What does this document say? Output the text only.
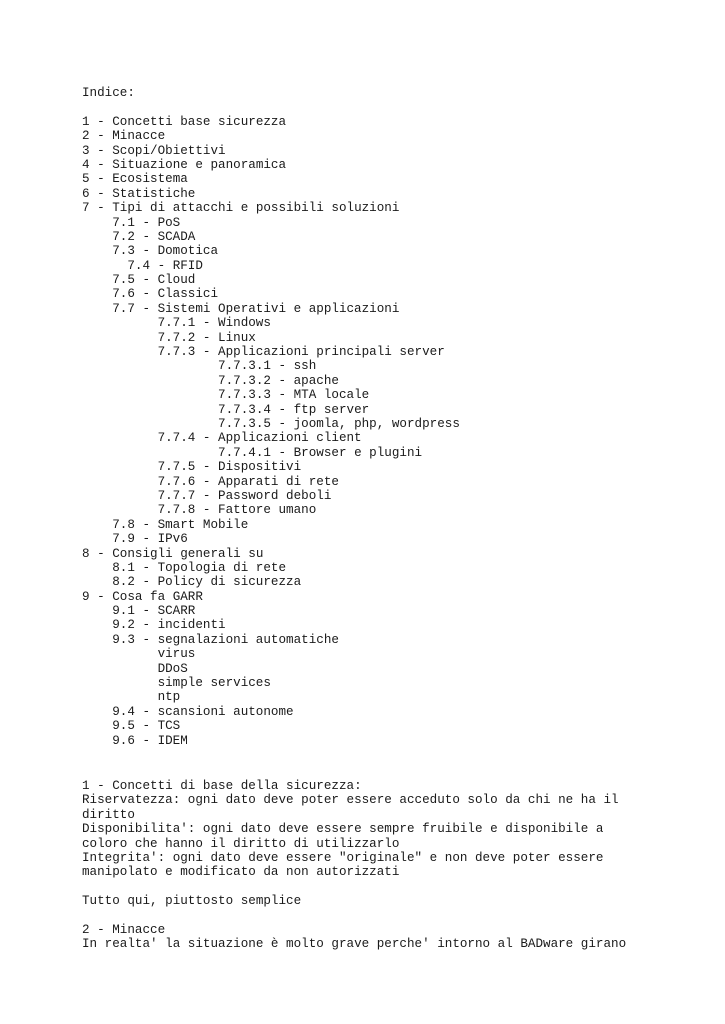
Indice:
1 - Concetti base sicurezza
2 - Minacce
3 - Scopi/Obiettivi
4 - Situazione e panoramica
5 - Ecosistema
6 - Statistiche
7 - Tipi di attacchi e possibili soluzioni
7.1 - PoS
7.2 - SCADA
7.3 - Domotica
7.4 - RFID
7.5 - Cloud
7.6 - Classici
7.7 - Sistemi Operativi e applicazioni
7.7.1 - Windows
7.7.2 - Linux
7.7.3 - Applicazioni principali server
7.7.3.1 - ssh
7.7.3.2 - apache
7.7.3.3 - MTA locale
7.7.3.4 - ftp server
7.7.3.5 - joomla, php, wordpress
7.7.4 - Applicazioni client
7.7.4.1 - Browser e plugini
7.7.5 - Dispositivi
7.7.6 - Apparati di rete
7.7.7 - Password deboli
7.7.8 - Fattore umano
7.8 - Smart Mobile
7.9 - IPv6
8 - Consigli generali su
8.1 - Topologia di rete
8.2 - Policy di sicurezza
9 - Cosa fa GARR
9.1 - SCARR
9.2 - incidenti
9.3 - segnalazioni automatiche
virus
DDoS
simple services
ntp
9.4 - scansioni autonome
9.5 - TCS
9.6 - IDEM
1 - Concetti di base della sicurezza:
Riservatezza: ogni dato deve poter essere acceduto solo da chi ne ha il
diritto
Disponibilita': ogni dato deve essere sempre fruibile e disponibile a
coloro che hanno il diritto di utilizzarlo
Integrita': ogni dato deve essere "originale" e non deve poter essere
manipolato e modificato da non autorizzati
Tutto qui, piuttosto semplice
2 - Minacce
In realta' la situazione è molto grave perche' intorno al BADware girano
